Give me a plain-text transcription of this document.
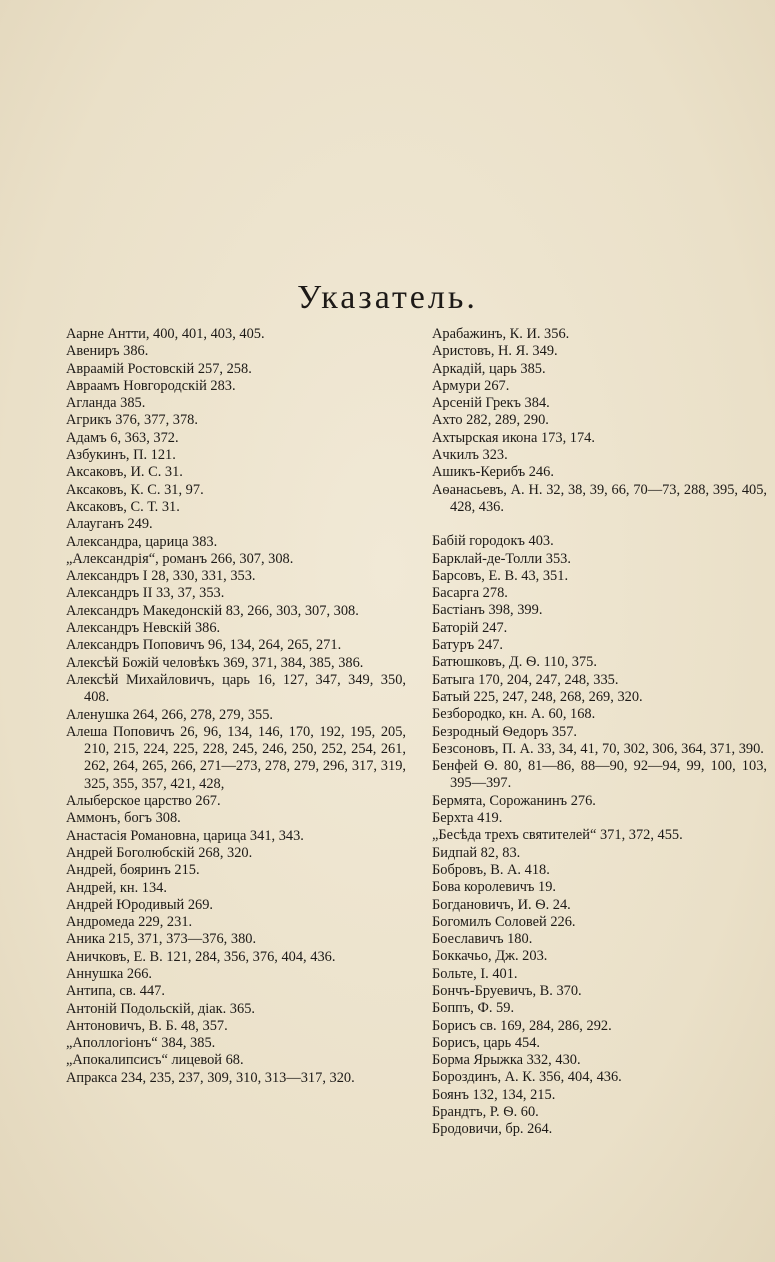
Указатель.
Аарне Антти, 400, 401, 403, 405.
Авениръ 386.
Авраамiй Ростовскiй 257, 258.
Авраамъ Новгородскiй 283.
Агланда 385.
Агрикъ 376, 377, 378.
Адамъ 6, 363, 372.
Азбукинъ, П. 121.
Аксаковъ, И. С. 31.
Аксаковъ, К. С. 31, 97.
Аксаковъ, С. Т. 31.
Алауганъ 249.
Александра, царица 383.
„Александрiя“, романъ 266, 307, 308.
Александръ I 28, 330, 331, 353.
Александръ II 33, 37, 353.
Александръ Македонскiй 83, 266, 303, 307, 308.
Александръ Невскiй 386.
Александръ Поповичъ 96, 134, 264, 265, 271.
Алексѣй Божiй человѣкъ 369, 371, 384, 385, 386.
Алексѣй Михайловичъ, царь 16, 127, 347, 349, 350, 408.
Аленушка 264, 266, 278, 279, 355.
Алеша Поповичъ 26, 96, 134, 146, 170, 192, 195, 205, 210, 215, 224, 225, 228, 245, 246, 250, 252, 254, 261, 262, 264, 265, 266, 271—273, 278, 279, 296, 317, 319, 325, 355, 357, 421, 428,
Алыберское царство 267.
Аммонъ, богъ 308.
Анастасiя Романовна, царица 341, 343.
Андрей Боголюбскiй 268, 320.
Андрей, бояринъ 215.
Андрей, кн. 134.
Андрей Юродивый 269.
Андромеда 229, 231.
Аника 215, 371, 373—376, 380.
Аничковъ, Е. В. 121, 284, 356, 376, 404, 436.
Аннушка 266.
Антипа, св. 447.
Антонiй Подольскiй, дiак. 365.
Антоновичъ, В. Б. 48, 357.
„Аполлогiонъ“ 384, 385.
„Апокалипсисъ“ лицевой 68.
Апракса 234, 235, 237, 309, 310, 313—317, 320.
Арабажинъ, К. И. 356.
Аристовъ, Н. Я. 349.
Аркадiй, царь 385.
Армури 267.
Арсенiй Грекъ 384.
Ахто 282, 289, 290.
Ахтырская икона 173, 174.
Ачкилъ 323.
Ашикъ-Керибъ 246.
Аѳанасьевъ, А. Н. 32, 38, 39, 66, 70—73, 288, 395, 405, 428, 436.
Бабiй городокъ 403.
Барклай-де-Толли 353.
Барсовъ, Е. В. 43, 351.
Басарга 278.
Бастiанъ 398, 399.
Баторiй 247.
Батуръ 247.
Батюшковъ, Д. Ѳ. 110, 375.
Батыга 170, 204, 247, 248, 335.
Батый 225, 247, 248, 268, 269, 320.
Безбородко, кн. А. 60, 168.
Безродный Ѳедоръ 357.
Безсоновъ, П. А. 33, 34, 41, 70, 302, 306, 364, 371, 390.
Бенфей Ѳ. 80, 81—86, 88—90, 92—94, 99, 100, 103, 395—397.
Бермята, Сорожанинъ 276.
Берхта 419.
„Бесѣда трехъ святителей“ 371, 372, 455.
Бидпай 82, 83.
Бобровъ, В. А. 418.
Бова королевичъ 19.
Богдановичъ, И. Ѳ. 24.
Богомилъ Соловей 226.
Боеславичъ 180.
Боккачьо, Дж. 203.
Больте, I. 401.
Бончъ-Бруевичъ, В. 370.
Боппъ, Ф. 59.
Борисъ св. 169, 284, 286, 292.
Борисъ, царь 454.
Борма Ярыжка 332, 430.
Бороздинъ, А. К. 356, 404, 436.
Боянъ 132, 134, 215.
Брандтъ, Р. Ѳ. 60.
Бродовичи, бр. 264.
